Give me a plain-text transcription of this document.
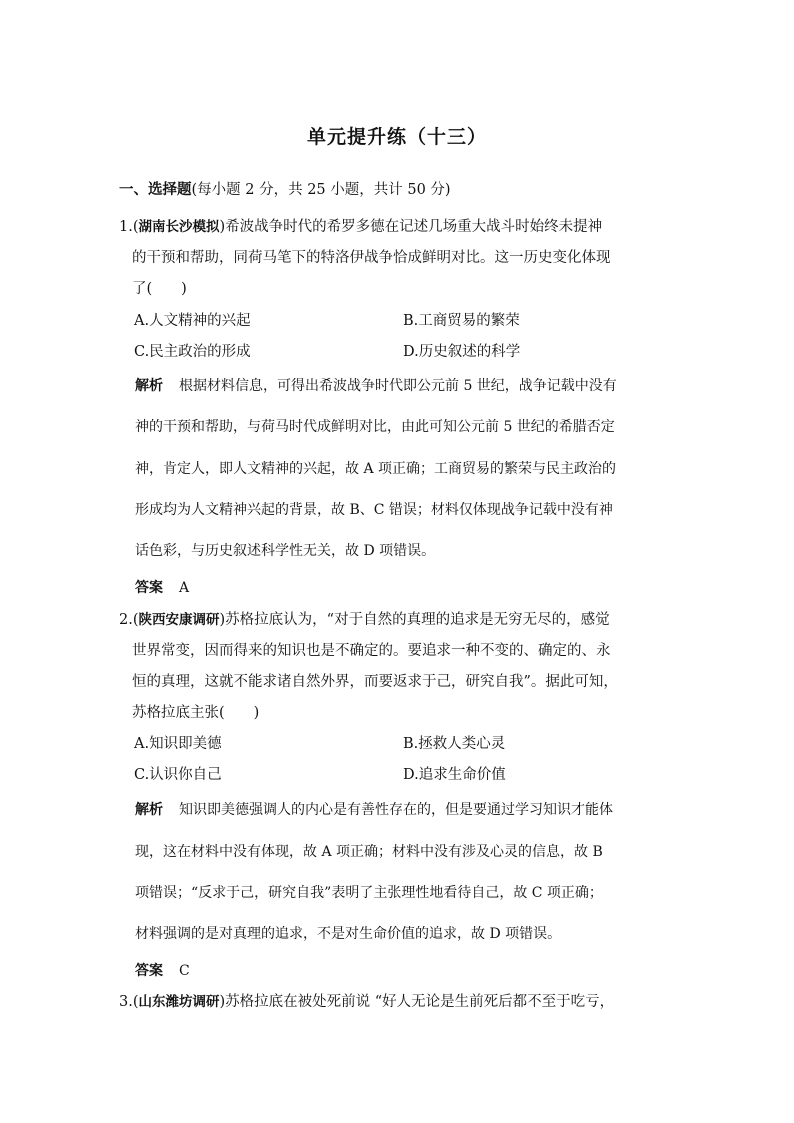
单元提升练（十三）
一、选择题(每小题 2 分，共 25 小题，共计 50 分)
1.(湖南长沙模拟)希波战争时代的希罗多德在记述几场重大战斗时始终未提神
的干预和帮助，同荷马笔下的特洛伊战争恰成鲜明对比。这一历史变化体现
了(　　)
A.人文精神的兴起	B.工商贸易的繁荣
C.民主政治的形成	D.历史叙述的科学
解析 根据材料信息，可得出希波战争时代即公元前 5 世纪，战争记载中没有
神的干预和帮助，与荷马时代成鲜明对比，由此可知公元前 5 世纪的希腊否定
神，肯定人，即人文精神的兴起，故 A 项正确；工商贸易的繁荣与民主政治的
形成均为人文精神兴起的背景，故 B、C 错误；材料仅体现战争记载中没有神
话色彩，与历史叙述科学性无关，故 D 项错误。
答案 A
2.(陕西安康调研)苏格拉底认为，“对于自然的真理的追求是无穷无尽的，感觉
世界常变，因而得来的知识也是不确定的。要追求一种不变的、确定的、永
恒的真理，这就不能求诸自然外界，而要返求于己，研究自我”。据此可知，
苏格拉底主张(　　)
A.知识即美德	B.拯救人类心灵
C.认识你自己	D.追求生命价值
解析 知识即美德强调人的内心是有善性存在的，但是要通过学习知识才能体
现，这在材料中没有体现，故 A 项正确；材料中没有涉及心灵的信息，故 B
项错误；“反求于己，研究自我”表明了主张理性地看待自己，故 C 项正确；
材料强调的是对真理的追求，不是对生命价值的追求，故 D 项错误。
答案 C
3.(山东潍坊调研)苏格拉底在被处死前说 “好人无论是生前死后都不至于吃亏，
